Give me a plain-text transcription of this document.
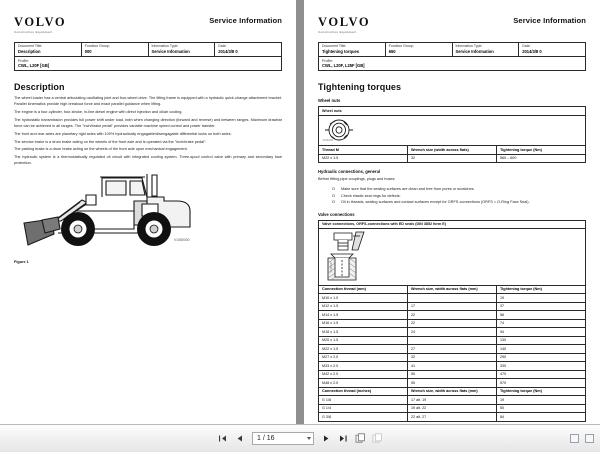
VOLVO
Construction Equipment
Service Information
Document Title:
Description

Function Group:
000

Information Type:
Service Information

Date:
2014/3/8 0

Profile:
CWL, L20F [GB]
Description

The wheel loader has a central articulating oscillating joint and four-wheel drive. The lifting frame is equipped with a hydraulic quick-change attachment bracket. Parallel kinematics provide high breakout force and exact parallel guidance when lifting.

The engine is a four-cylinder, four-stroke, in-line diesel engine with direct injection and oil/air cooling.

The hydrostatic transmission provides full power shift under load, both when changing direction (forward and reverse) and between ranges. Maximum drawbar force can be achieved in all ranges. The "inch/brake pedal" provides variable machine speed control and power transfer.

The front and rear axles are planetary rigid axles with 100% hydraulically engagable/disengagable differential locks on both axles.

The service brake is a drum brake acting on the wheels of the front axle and is operated via the "inch/brake pedal".

The parking brake is a drum brake acting on the wheels of the front axle upon mechanical engagement.

The hydraulic system is a thermostatically regulated oil circuit with integrated cooling system. Three-spool control valve with primary and secondary fuse protection.

V1080000
Figure 1
VOLVO
Construction Equipment
Service Information
Document Title:
Tightening torques

Function Group:
650

Information Type:
Service Information

Date:
2014/3/8 0

Profile:
CWL, L20F, L25F [GB]
Tightening torques
Wheel nuts
Wheel nuts		

V1064321		

Thread M	Wrench size (width across flats)	Tightening torque (Nm)
M22 x 1.5	32	560 – 600
Hydraulic connections, general

Before fitting pipe couplings, plugs and hoses:

O	Make sure that the sealing surfaces are clean and free from pores or scratches.
O	Check elastic seal rings for defects.
O	Oil in threads, sealing surfaces and contact surfaces except for ORFS-connections (ORFS = O-Ring Face Seal).
Valve connections
Valve connections, ORFS-connections with ED seals (DIN 3852 form E)		

V1065477		

Connection thread (mm)	Wrench size, width across flats (mm)	Tightening torque (Nm)
M10 x 1.0		19
M12 x 1.5	17	37
M14 x 1.5	22	56
M16 x 1.5	22	74
M18 x 1.5	24	94
M20 x 1.5		130
M22 x 1.5	27	140
M27 x 2.0	32	290
M33 x 2.0	41	330
M42 x 2.0	50	470
M48 x 2.0	55	570
Connection thread (inches)	Wrench size, width across flats (mm)	Tightening torque (Nm)
G 1/8	17 alt. 19	19
G 1/4	19 alt. 22	50
G 3/8	22 alt. 27	84
1 / 16
